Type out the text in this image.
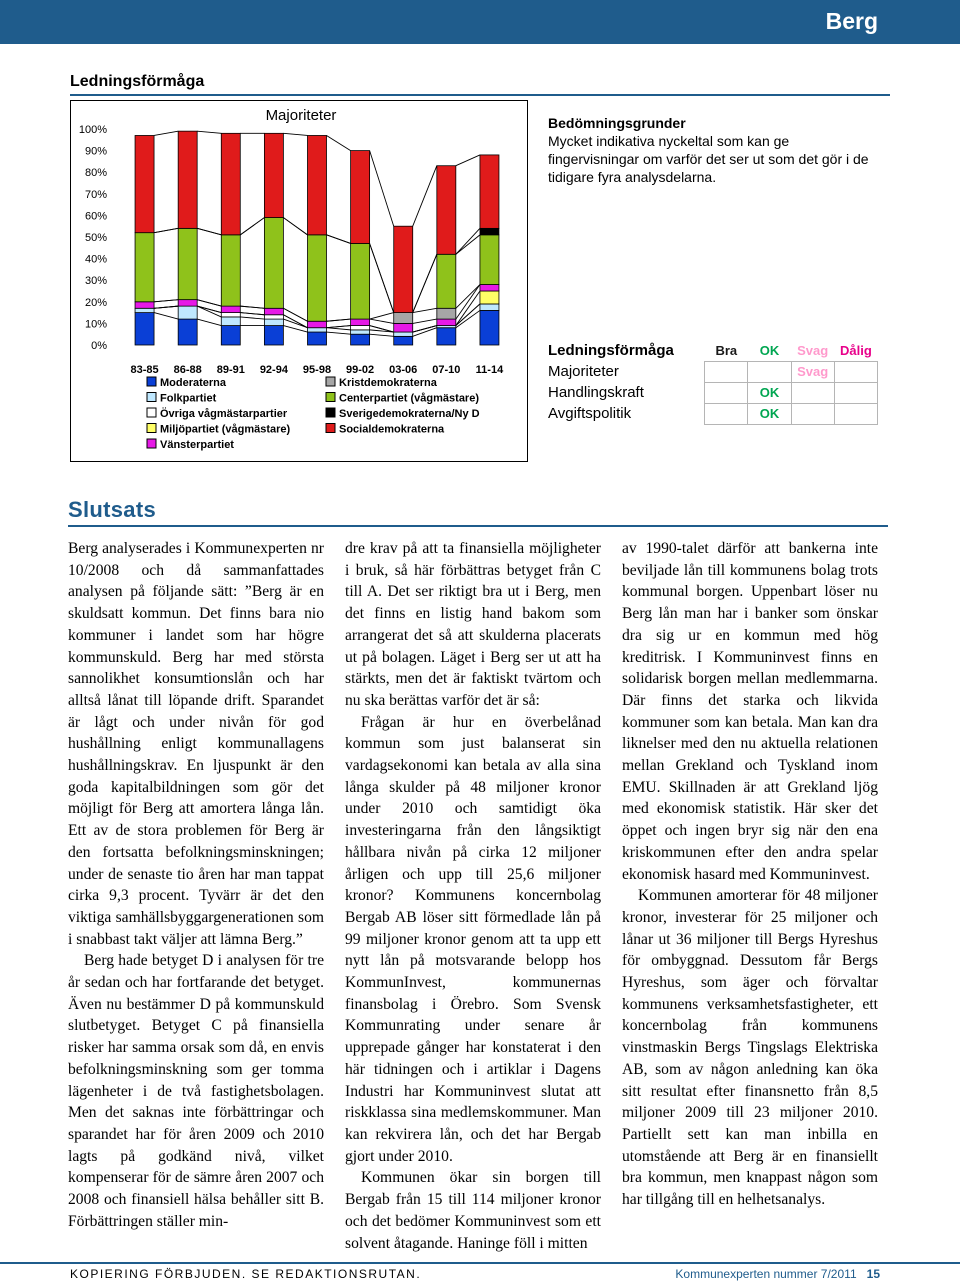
Berg
Ledningsförmåga
Majoriteter
100%
90%
80%
70%
60%
50%
40%
30%
20%
10%
0%
83-85 86-88 89-91 92-94 95-98 99-02 03-06 07-10 11-14
Moderaterna	Kristdemokraterna
Folkpartiet	Centerpartiet (vågmästare)
Övriga vågmästarpartier	Sverigedemokraterna/Ny D
Miljöpartiet (vågmästare)	Socialdemokraterna
Vänsterpartiet
Bedömningsgrunder

Mycket indikativa nyckeltal som kan ge fingervisningar om varför det ser ut som det gör i de tidigare fyra analysdelarna.

Ledningsförmåga	Bra	OK	Svag	Dålig
Majoriteter			Svag	
Handlingskraft		OK		
Avgiftspolitik		OK		
Slutsats

Berg analyserades i Kommunexperten nr 10/2008 och då sammanfattades analysen på följande sätt: ”Berg är en skuldsatt kommun. Det finns bara nio kommuner i landet som har högre kommunskuld. Berg har med största sannolikhet konsumtionslån och har alltså lånat till löpande drift. Sparandet är lågt och under nivån för god hushållning enligt kommunallagens hushållningskrav. En ljuspunkt är den goda kapitalbildningen som gör det möjligt för Berg att amortera långa lån. Ett av de stora problemen för Berg är den fortsatta befolkningsminskningen; under de senaste tio åren har man tappat cirka 9,3 procent. Tyvärr är det den viktiga samhällsbyggargenerationen som i snabbast takt väljer att lämna Berg.”

Berg hade betyget D i analysen för tre år sedan och har fortfarande det betyget. Även nu bestämmer D på kommunskuld slutbetyget. Betyget C på finansiella risker har samma orsak som då, en envis befolkningsminskning som ger tomma lägenheter i de två fastighetsbolagen. Men det saknas inte förbättringar och sparandet har för åren 2009 och 2010 lagts på godkänd nivå, vilket kompenserar för de sämre åren 2007 och 2008 och finansiell hälsa behåller sitt B. Förbättringen ställer min-

dre krav på att ta finansiella möjligheter i bruk, så här förbättras betyget från C till A. Det ser riktigt bra ut i Berg, men det finns en listig hand bakom som arrangerat det så att skulderna placerats ut på bolagen. Läget i Berg ser ut att ha stärkts, men det är faktiskt tvärtom och nu ska berättas varför det är så:

Frågan är hur en överbelånad kommun som just balanserat sin vardagsekonomi kan betala av alla sina långa skulder på 48 miljoner kronor under 2010 och samtidigt öka investeringarna från den långsiktigt hållbara nivån på cirka 12 miljoner årligen och upp till 25,6 miljoner kronor? Kommunens koncernbolag Bergab AB löser sitt förmedlade lån på 99 miljoner kronor genom att ta upp ett nytt lån på motsvarande belopp hos KommunInvest, kommunernas finansbolag i Örebro. Som Svensk Kommunrating under senare år upprepade gånger har konstaterat i den här tidningen och i artiklar i Dagens Industri har Kommuninvest slutat att riskklassa sina medlemskommuner. Man kan rekvirera lån, och det har Bergab gjort under 2010.

Kommunen ökar sin borgen till Bergab från 15 till 114 miljoner kronor och det bedömer Kommuninvest som ett solvent åtagande. Haninge föll i mitten

av 1990-talet därför att bankerna inte beviljade lån till kommunens bolag trots kommunal borgen. Uppenbart löser nu Berg lån man har i banker som önskar dra sig ur en kommun med hög kreditrisk. I Kommuninvest finns en solidarisk borgen mellan medlemmarna. Där finns det starka och likvida kommuner som kan betala. Man kan dra liknelser med den nu aktuella relationen mellan Grekland och Tyskland inom EMU. Skillnaden är att Grekland ljög med ekonomisk statistik. Här sker det öppet och ingen bryr sig när den ena kriskommunen efter den andra spelar ekonomisk hasard med Kommuninvest.

Kommunen amorterar för 48 miljoner kronor, investerar för 25 miljoner och lånar ut 36 miljoner till Bergs Hyreshus för ombyggnad. Dessutom får Bergs Hyreshus, som äger och förvaltar kommunens verksamhetsfastigheter, ett koncernbolag från kommunens vinstmaskin Bergs Tingslags Elektriska AB, som av någon anledning kan öka sitt resultat efter finansnetto från 8,5 miljoner 2009 till 23 miljoner 2010. Partiellt sett kan man inbilla en utomstående att Berg är en finansiellt bra kommun, men knappast någon som har tillgång till en helhetsanalys.

KOPIERING FÖRBJUDEN. SE REDAKTIONSRUTAN.	Kommunexperten nummer 7/2011 15
